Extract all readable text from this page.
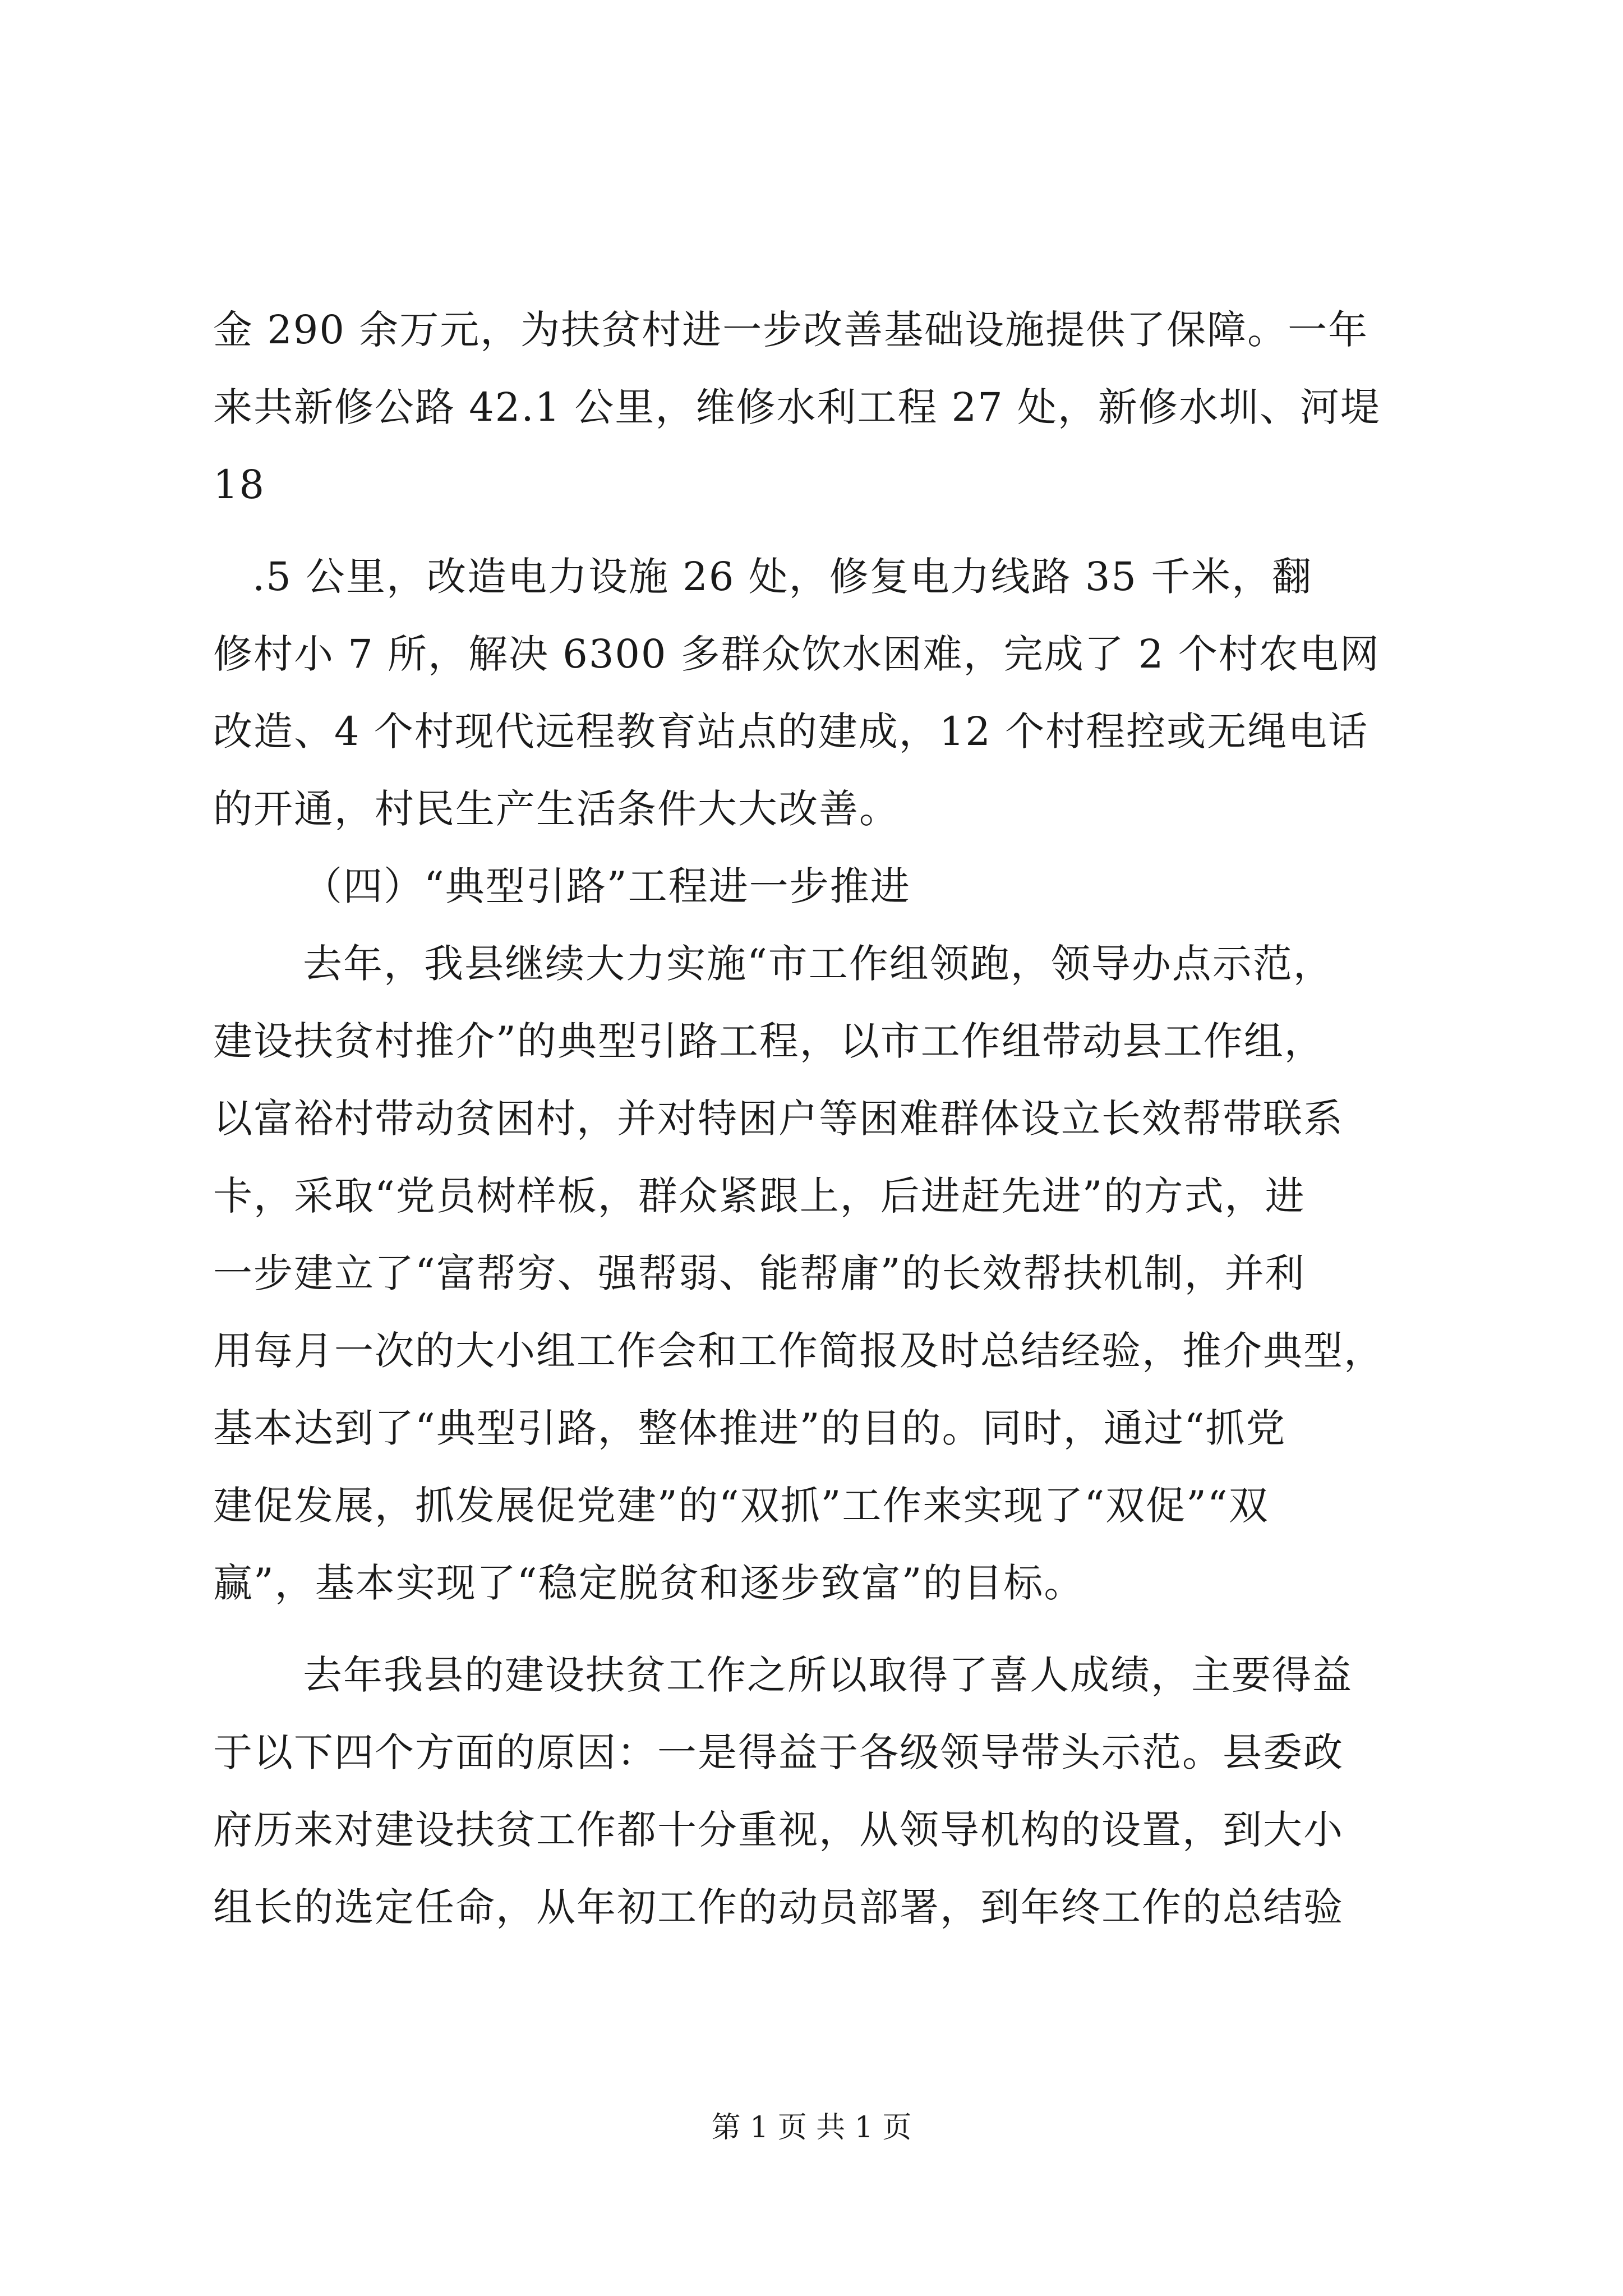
金 290 余万元，为扶贫村进一步改善基础设施提供了保障。一年
来共新修公路 42.1 公里，维修水利工程 27 处，新修水圳、河堤
18
.5 公里，改造电力设施 26 处，修复电力线路 35 千米，翻
修村小 7 所，解决 6300 多群众饮水困难，完成了 2 个村农电网
改造、4 个村现代远程教育站点的建成，12 个村程控或无绳电话
的开通，村民生产生活条件大大改善。
（四）“典型引路”工程进一步推进
去年，我县继续大力实施“市工作组领跑，领导办点示范，
建设扶贫村推介”的典型引路工程，以市工作组带动县工作组，
以富裕村带动贫困村，并对特困户等困难群体设立长效帮带联系
卡，采取“党员树样板，群众紧跟上，后进赶先进”的方式，进
一步建立了“富帮穷、强帮弱、能帮庸”的长效帮扶机制，并利
用每月一次的大小组工作会和工作简报及时总结经验，推介典型，
基本达到了“典型引路，整体推进”的目的。同时，通过“抓党
建促发展，抓发展促党建”的“双抓”工作来实现了“双促”“双
赢”，基本实现了“稳定脱贫和逐步致富”的目标。
去年我县的建设扶贫工作之所以取得了喜人成绩，主要得益
于以下四个方面的原因：一是得益于各级领导带头示范。县委政
府历来对建设扶贫工作都十分重视，从领导机构的设置，到大小
组长的选定任命，从年初工作的动员部署，到年终工作的总结验
第 1 页 共 1 页
